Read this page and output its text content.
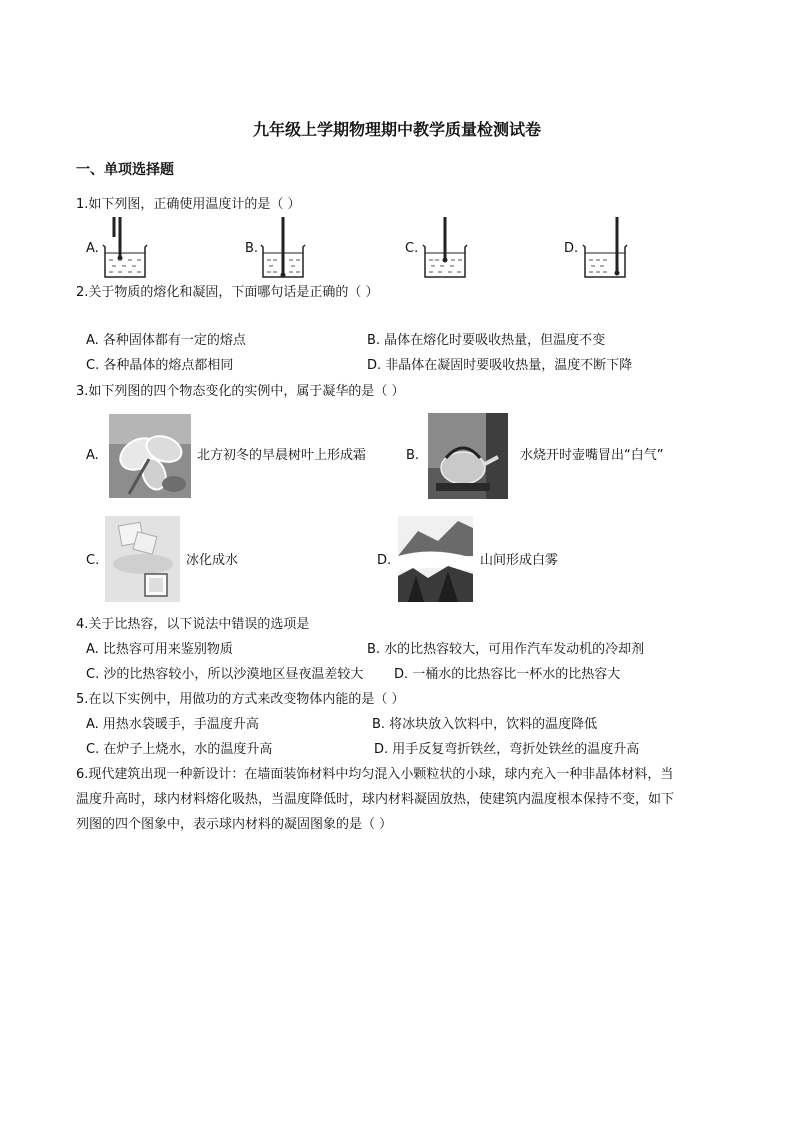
九年级上学期物理期中教学质量检测试卷
一、单项选择题
1.如下列图，正确使用温度计的是（ ）
A.	B.	C.	D.
2.关于物质的熔化和凝固，下面哪句话是正确的（ ）
A. 各种固体都有一定的熔点	B. 晶体在熔化时要吸收热量，但温度不变
C. 各种晶体的熔点都相同	D. 非晶体在凝固时要吸收热量，温度不断下降
3.如下列图的四个物态变化的实例中，属于凝华的是（ ）
A.	北方初冬的早晨树叶上形成霜	B.	水烧开时壶嘴冒出“白气”
C.	冰化成水	D.	山间形成白雾
4.关于比热容，以下说法中错误的选项是
A. 比热容可用来鉴别物质	B. 水的比热容较大，可用作汽车发动机的冷却剂
C. 沙的比热容较小，所以沙漠地区昼夜温差较大 D. 一桶水的比热容比一杯水的比热容大
5.在以下实例中，用做功的方式来改变物体内能的是（ ）
A. 用热水袋暖手，手温度升高	B. 将冰块放入饮料中，饮料的温度降低
C. 在炉子上烧水，水的温度升高	D. 用手反复弯折铁丝，弯折处铁丝的温度升高
6.现代建筑出现一种新设计：在墙面装饰材料中均匀混入小颗粒状的小球，球内充入一种非晶体材料，当
温度升高时，球内材料熔化吸热，当温度降低时，球内材料凝固放热，使建筑内温度根本保持不变，如下
列图的四个图象中，表示球内材料的凝固图象的是（ ）
